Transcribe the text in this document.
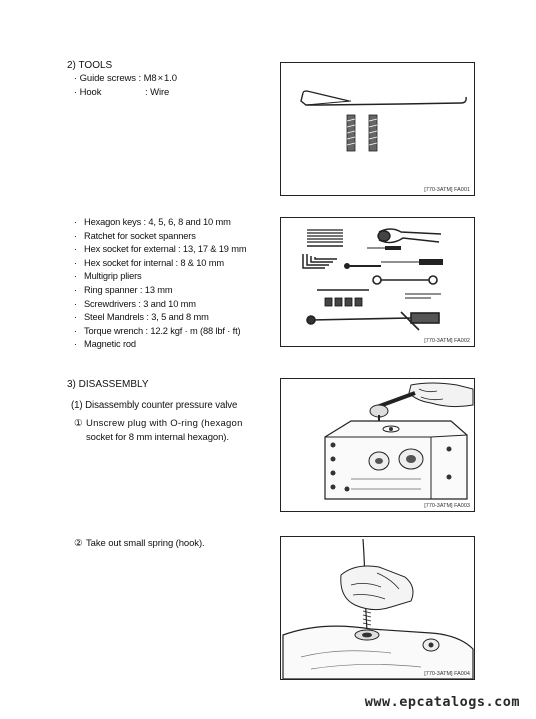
2) TOOLS
· Guide screws : M8×1.0
· Hook	: Wire
[770-3ATM] FA001
· Hexagon keys : 4, 5, 6, 8 and 10 mm
· Ratchet for socket spanners
· Hex socket for external : 13, 17 & 19 mm
· Hex socket for internal : 8 & 10 mm
· Multigrip pliers
· Ring spanner : 13 mm
· Screwdrivers : 3 and 10 mm
· Steel Mandrels : 3, 5 and 8 mm
· Torque wrench : 12.2 kgf · m (88 lbf · ft)
· Magnetic rod	[770-3ATM] FA002
3) DISASSEMBLY
(1) Disassembly counter pressure valve
① Unscrew plug with O-ring (hexagon
socket for 8 mm internal hexagon).
[770-3ATM] FA003
② Take out small spring (hook).
[770-3ATM] FA004
www.epcatalogs.com
